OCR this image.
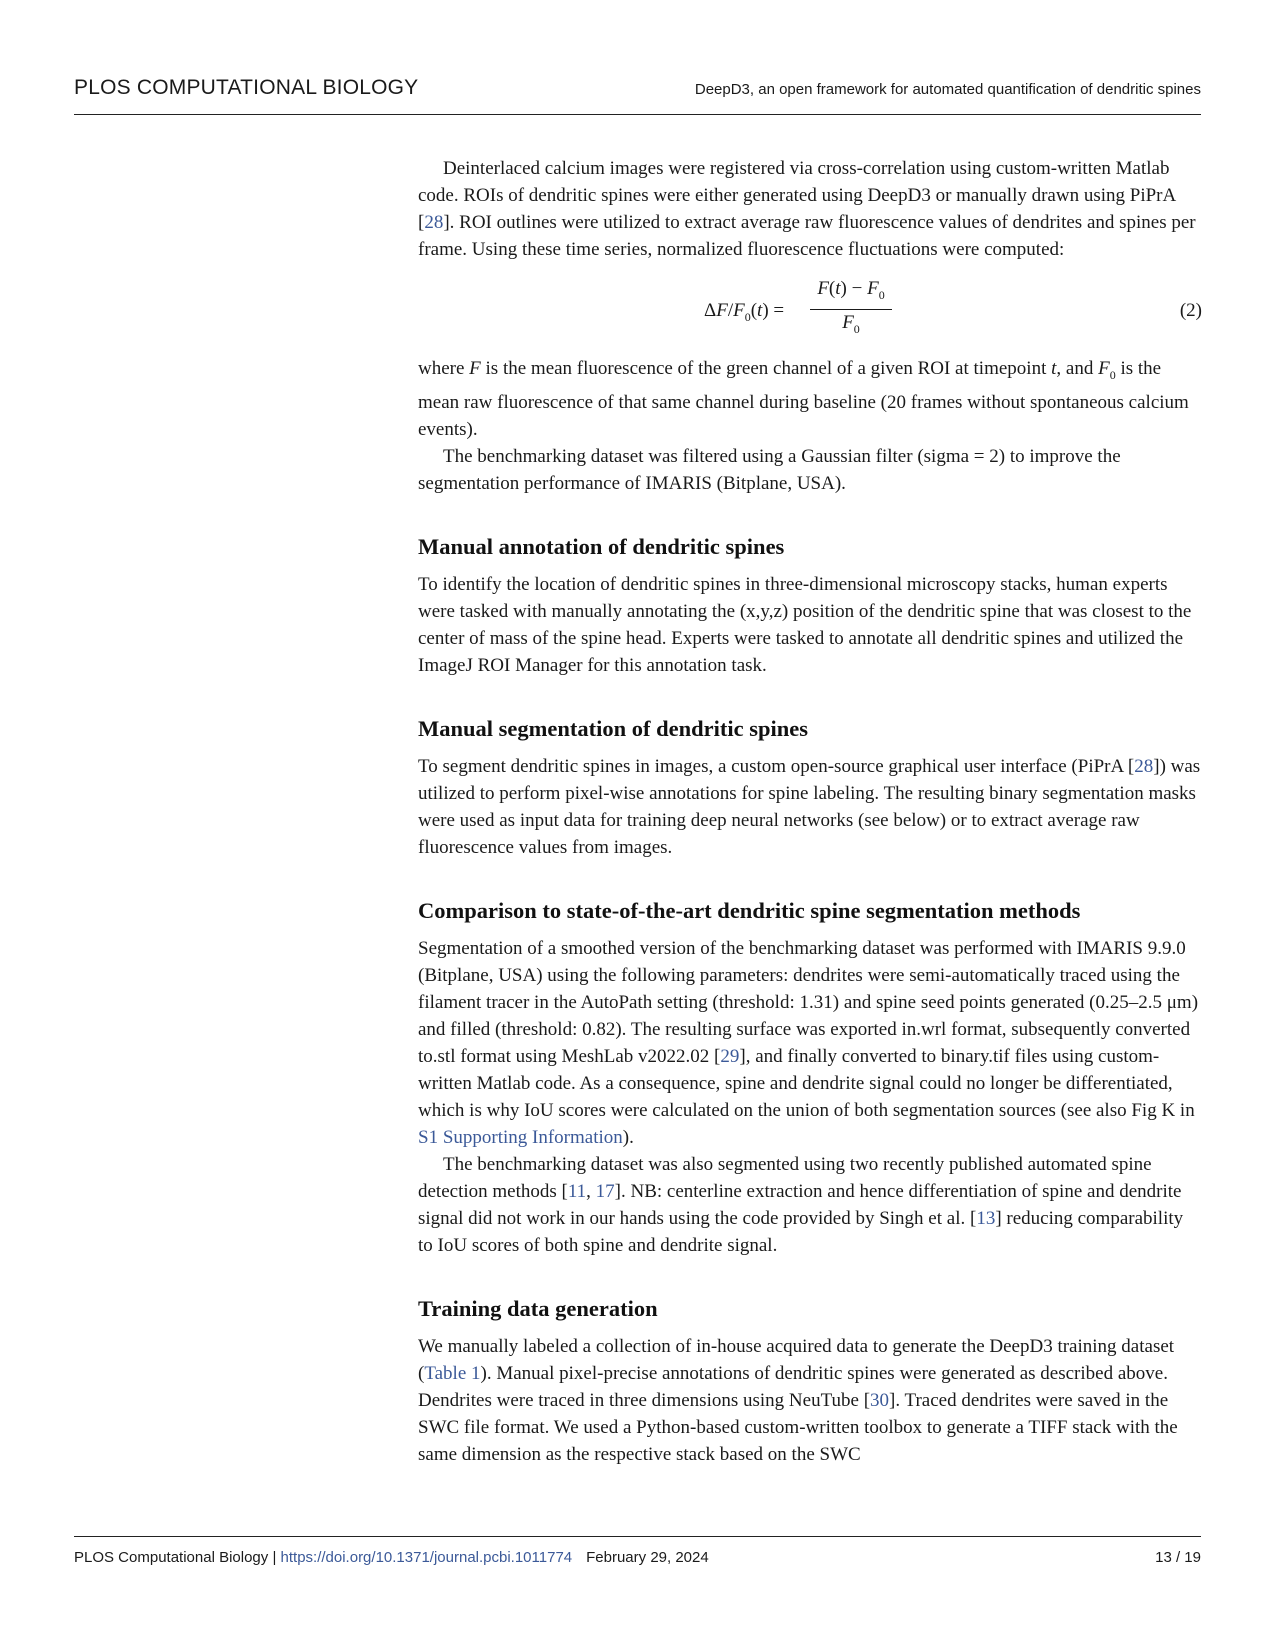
PLOS COMPUTATIONAL BIOLOGY	DeepD3, an open framework for automated quantification of dendritic spines

Deinterlaced calcium images were registered via cross-correlation using custom-written Matlab code. ROIs of dendritic spines were either generated using DeepD3 or manually drawn using PiPrA [28]. ROI outlines were utilized to extract average raw fluorescence values of dendrites and spines per frame. Using these time series, normalized fluorescence fluctuations were computed:

$\Delta F/F_0(t) = \frac{F(t) - F_0}{F_0}$	(2)

where F is the mean fluorescence of the green channel of a given ROI at timepoint t, and $F_0$ is the mean raw fluorescence of that same channel during baseline (20 frames without spontaneous calcium events).

The benchmarking dataset was filtered using a Gaussian filter (sigma = 2) to improve the segmentation performance of IMARIS (Bitplane, USA).

Manual annotation of dendritic spines

To identify the location of dendritic spines in three-dimensional microscopy stacks, human experts were tasked with manually annotating the (x,y,z) position of the dendritic spine that was closest to the center of mass of the spine head. Experts were tasked to annotate all dendritic spines and utilized the ImageJ ROI Manager for this annotation task.

Manual segmentation of dendritic spines

To segment dendritic spines in images, a custom open-source graphical user interface (PiPrA [28]) was utilized to perform pixel-wise annotations for spine labeling. The resulting binary segmentation masks were used as input data for training deep neural networks (see below) or to extract average raw fluorescence values from images.

Comparison to state-of-the-art dendritic spine segmentation methods

Segmentation of a smoothed version of the benchmarking dataset was performed with IMARIS 9.9.0 (Bitplane, USA) using the following parameters: dendrites were semi-automatically traced using the filament tracer in the AutoPath setting (threshold: 1.31) and spine seed points generated (0.25–2.5 μm) and filled (threshold: 0.82). The resulting surface was exported in.wrl format, subsequently converted to.stl format using MeshLab v2022.02 [29], and finally converted to binary.tif files using custom-written Matlab code. As a consequence, spine and dendrite signal could no longer be differentiated, which is why IoU scores were calculated on the union of both segmentation sources (see also Fig K in S1 Supporting Information).

The benchmarking dataset was also segmented using two recently published automated spine detection methods [11, 17]. NB: centerline extraction and hence differentiation of spine and dendrite signal did not work in our hands using the code provided by Singh et al. [13] reducing comparability to IoU scores of both spine and dendrite signal.

Training data generation

We manually labeled a collection of in-house acquired data to generate the DeepD3 training dataset (Table 1). Manual pixel-precise annotations of dendritic spines were generated as described above. Dendrites were traced in three dimensions using NeuTube [30]. Traced dendrites were saved in the SWC file format. We used a Python-based custom-written toolbox to generate a TIFF stack with the same dimension as the respective stack based on the SWC

PLOS Computational Biology | https://doi.org/10.1371/journal.pcbi.1011774 February 29, 2024	13 / 19
